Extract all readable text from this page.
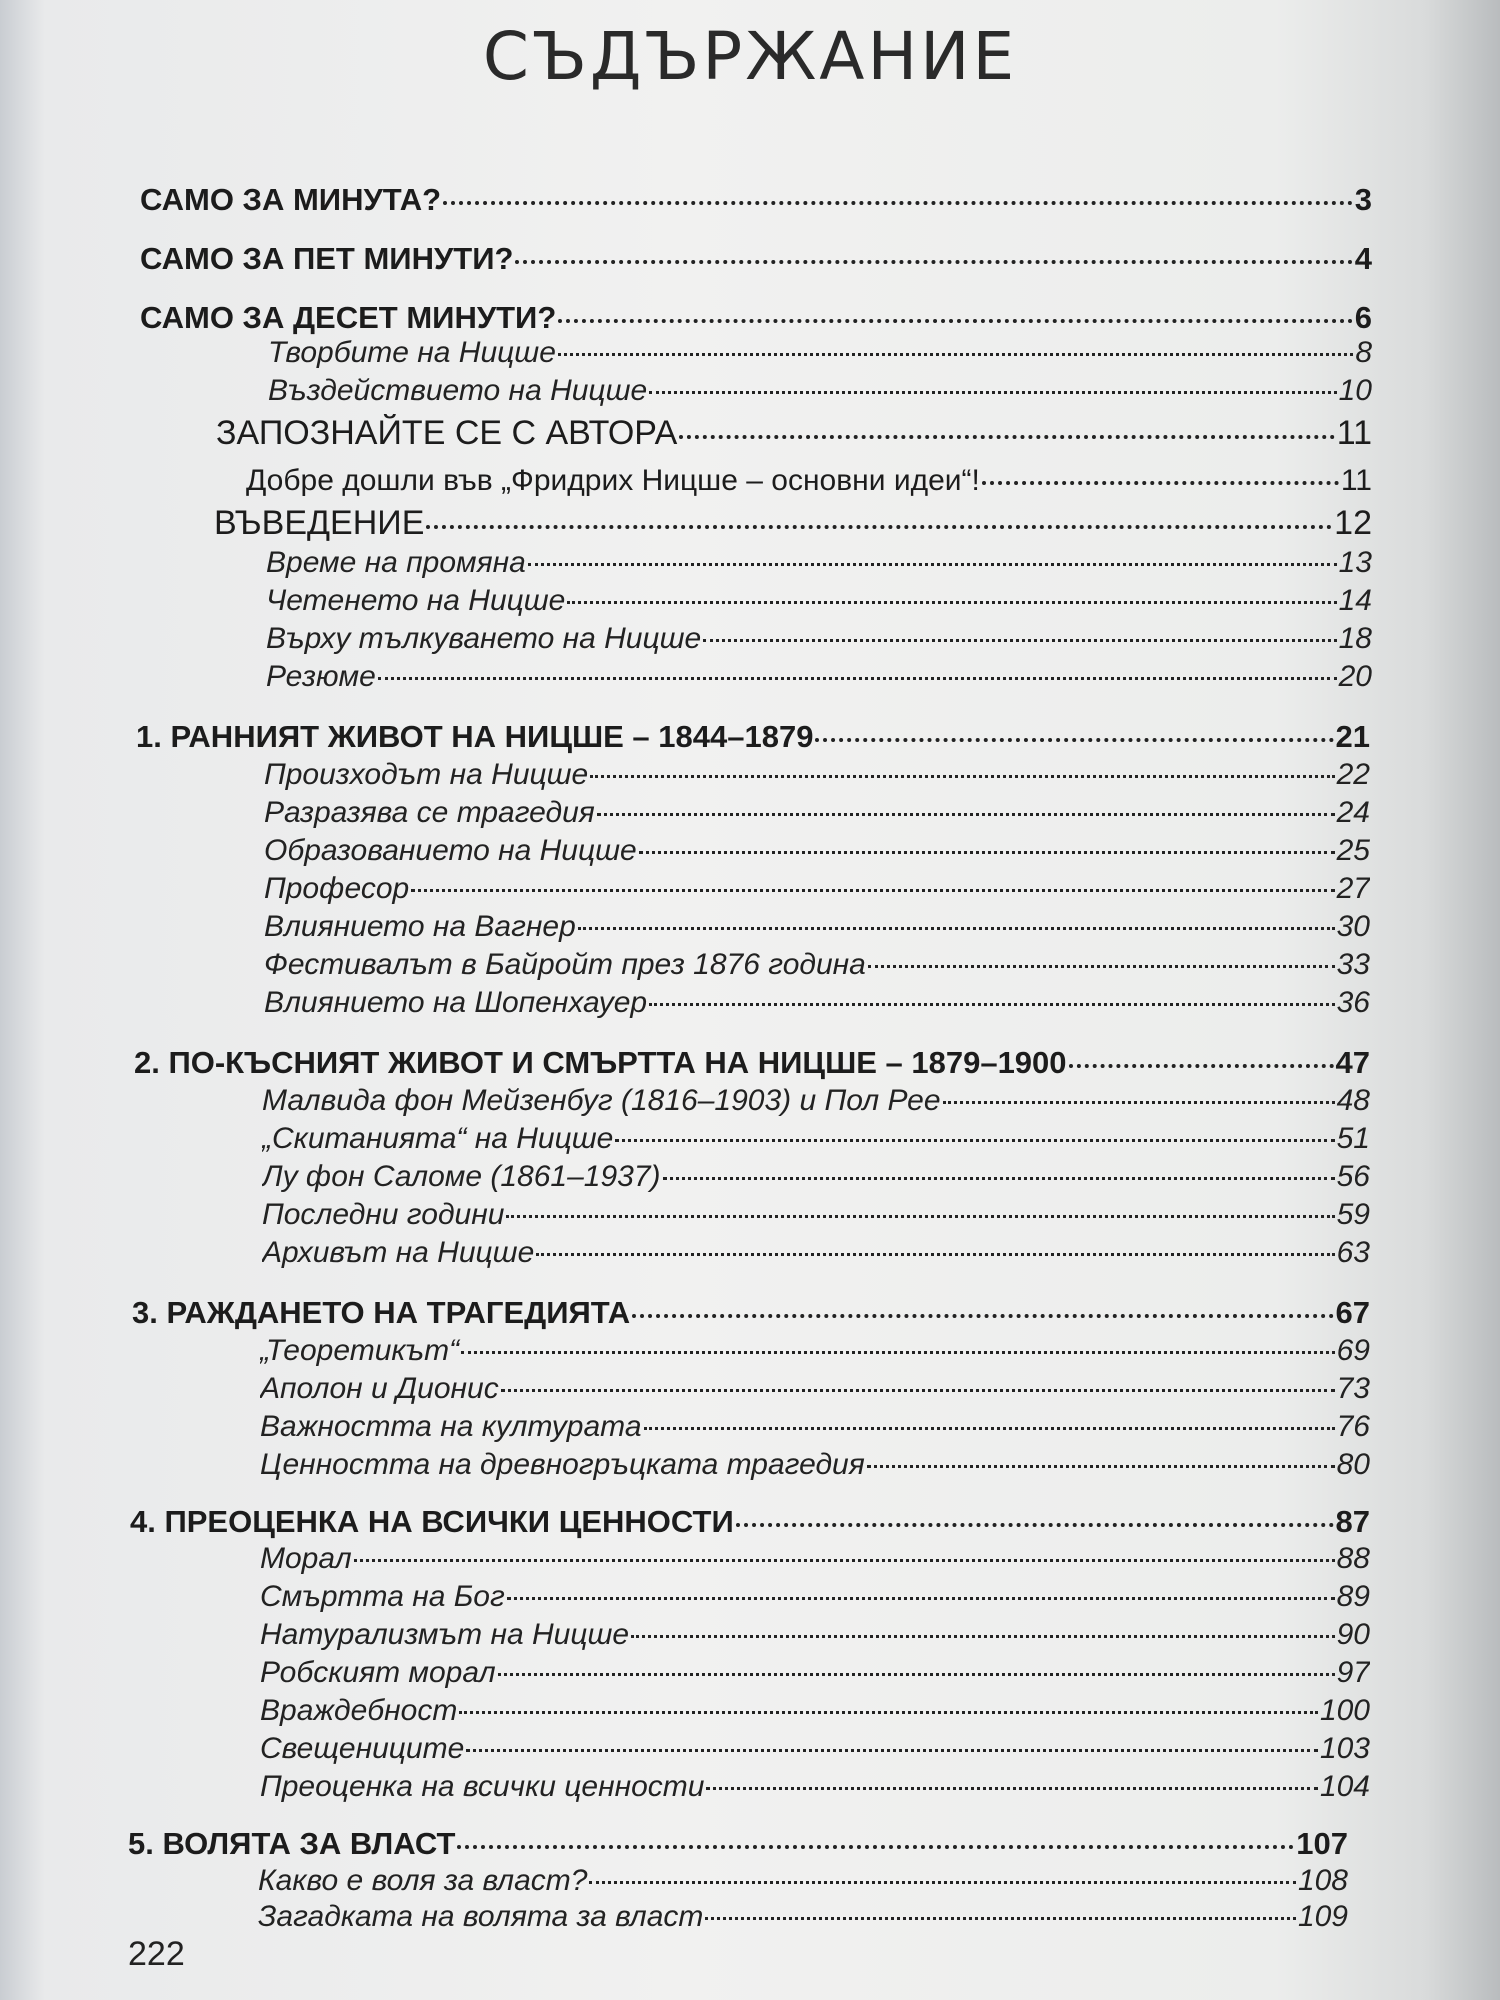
СЪДЪРЖАНИЕ
САМО ЗА МИНУТА?	3
САМО ЗА ПЕТ МИНУТИ?	4
САМО ЗА ДЕСЕТ МИНУТИ?	6
Творбите на Ницше	8
Въздействието на Ницше	10
ЗАПОЗНАЙТЕ СЕ С АВТОРА	11
Добре дошли във „Фридрих Ницше – основни идеи“!	11
ВЪВЕДЕНИЕ	12
Време на промяна	13
Четенето на Ницше	14
Върху тълкуването на Ницше	18
Резюме	20
1. РАННИЯТ ЖИВОТ НА НИЦШЕ – 1844–1879	21
Произходът на Ницше	22
Разразява се трагедия	24
Образованието на Ницше	25
Професор	27
Влиянието на Вагнер	30
Фестивалът в Байройт през 1876 година	33
Влиянието на Шопенхауер	36
2. ПО-КЪСНИЯТ ЖИВОТ И СМЪРТТА НА НИЦШЕ – 1879–1900	47
Малвида фон Мейзенбуг (1816–1903) и Пол Рее	48
„Скитанията“ на Ницше	51
Лу фон Саломе (1861–1937)	56
Последни години	59
Архивът на Ницше	63
3. РАЖДАНЕТО НА ТРАГЕДИЯТА	67
„Теоретикът“	69
Аполон и Дионис	73
Важността на културата	76
Ценността на древногръцката трагедия	80
4. ПРЕОЦЕНКА НА ВСИЧКИ ЦЕННОСТИ	87
Морал	88
Смъртта на Бог	89
Натурализмът на Ницше	90
Робският морал	97
Враждебност	100
Свещениците	103
Преоценка на всички ценности	104
5. ВОЛЯТА ЗА ВЛАСТ	107
Какво е воля за власт?	108
Загадката на волята за власт	109
222
